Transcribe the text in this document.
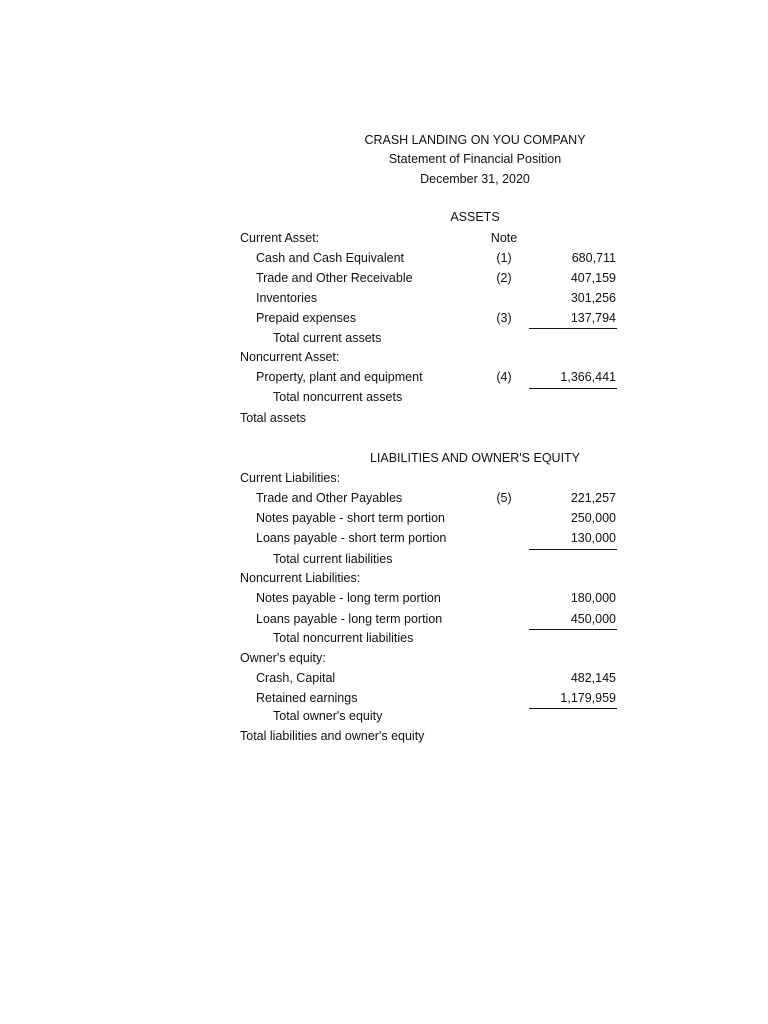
CRASH LANDING ON YOU COMPANY
Statement of Financial Position
December 31, 2020
ASSETS
Current Asset:	Note
Cash and Cash Equivalent	(1)	680,711
Trade and Other Receivable	(2)	407,159
Inventories	301,256
Prepaid expenses	(3)	137,794
Total current assets
Noncurrent Asset:
Property, plant and equipment	(4)	1,366,441
Total noncurrent assets
Total assets
LIABILITIES AND OWNER'S EQUITY
Current Liabilities:
Trade and Other Payables	(5)	221,257
Notes payable - short term portion	250,000
Loans payable - short term portion	130,000
Total current liabilities
Noncurrent Liabilities:
Notes payable - long term portion	180,000
Loans payable - long term portion	450,000
Total noncurrent liabilities
Owner's equity:
Crash, Capital	482,145
Retained earnings	1,179,959
Total owner's equity
Total liabilities and owner's equity
